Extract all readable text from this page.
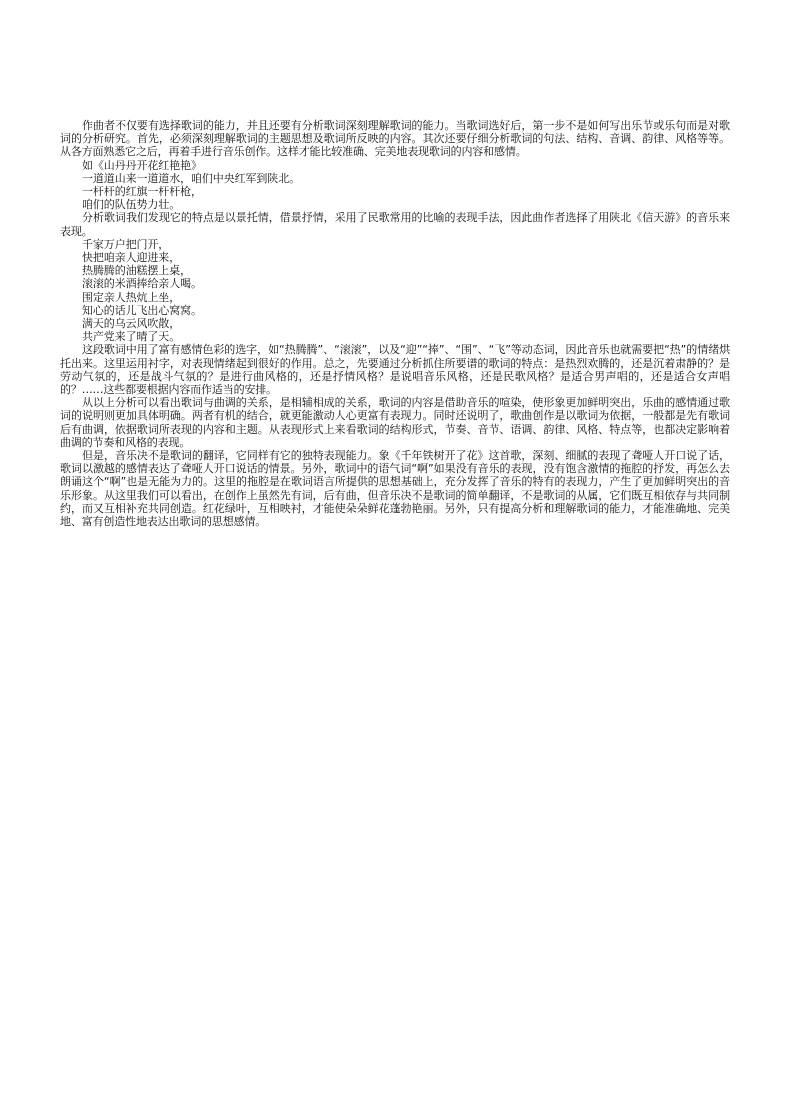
作曲者不仅要有选择歌词的能力，并且还要有分析歌词深刻理解歌词的能力。当歌词选好后，第一步不是如何写出乐节或乐句而是对歌词的分析研究。首先，必须深刻理解歌词的主题思想及歌词所反映的内容。其次还要仔细分析歌词的句法、结构、音调、韵律、风格等等。从各方面熟悉它之后，再着手进行音乐创作。这样才能比较准确、完美地表现歌词的内容和感情。

如《山丹丹开花红艳艳》

一道道山来一道道水，咱们中央红军到陕北。

一杆杆的红旗一杆杆枪，

咱们的队伍势力壮。

分析歌词我们发现它的特点是以景托情，借景抒情，采用了民歌常用的比喻的表现手法，因此曲作者选择了用陕北《信天游》的音乐来表现。

千家万户把门开，

快把咱亲人迎进来，

热腾腾的油糕摆上桌，

滚滚的米酒捧给亲人喝。

围定亲人热炕上坐，

知心的话儿飞出心窝窝。

满天的乌云风吹散，

共产党来了晴了天。

这段歌词中用了富有感情色彩的选字，如“热腾腾”、“滚滚”，以及“迎”“捧”、“围”、“飞”等动态词，因此音乐也就需要把“热”的情绪烘托出来。这里运用衬字，对表现情绪起到很好的作用。总之，先要通过分析抓住所要谱的歌词的特点：是热烈欢腾的，还是沉着肃静的？是劳动气氛的，还是战斗气氛的？是进行曲风格的，还是抒情风格？是说唱音乐风格，还是民歌风格？是适合男声唱的，还是适合女声唱的？……这些都要根据内容而作适当的安排。

从以上分析可以看出歌词与曲调的关系，是相辅相成的关系，歌词的内容是借助音乐的喧染，使形象更加鲜明突出，乐曲的感情通过歌词的说明则更加具体明确。两者有机的结合，就更能激动人心更富有表现力。同时还说明了，歌曲创作是以歌词为依据，一般都是先有歌词后有曲调，依据歌词所表现的内容和主题。从表现形式上来看歌词的结构形式，节奏、音节、语调、韵律、风格、特点等，也都决定影响着曲调的节奏和风格的表现。

但是，音乐决不是歌词的翻译，它同样有它的独特表现能力。象《千年铁树开了花》这首歌，深刻、细腻的表现了聋哑人开口说了话，歌词以激越的感情表达了聋哑人开口说话的情景。另外，歌词中的语气词“啊”如果没有音乐的表现，没有饱含激情的拖腔的抒发，再怎么去朗诵这个“啊”也是无能为力的。这里的拖腔是在歌词语言所提供的思想基础上，充分发挥了音乐的特有的表现力，产生了更加鲜明突出的音乐形象。从这里我们可以看出，在创作上虽然先有词，后有曲，但音乐决不是歌词的简单翻译，不是歌词的从属，它们既互相依存与共同制约，而又互相补充共同创造。红花绿叶，互相映衬，才能使朵朵鲜花蓬勃艳丽。另外，只有提高分析和理解歌词的能力，才能准确地、完美地、富有创造性地表达出歌词的思想感情。
